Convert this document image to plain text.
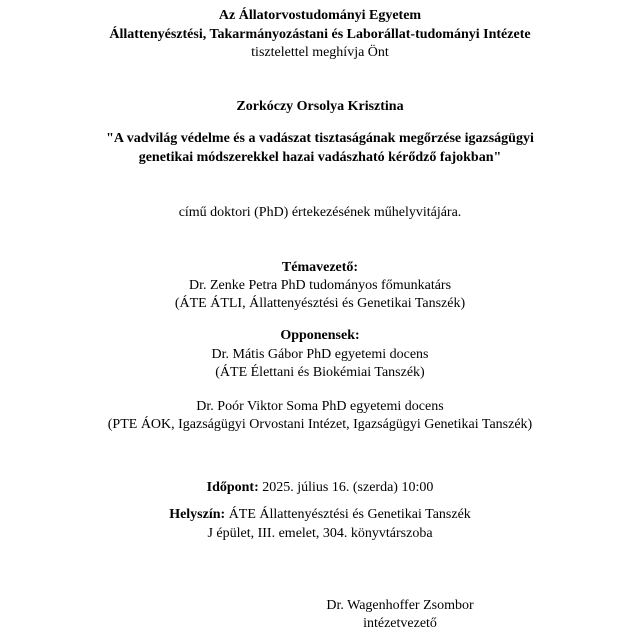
Az Állatorvostudományi Egyetem
Állattenyésztési, Takarmányozástani és Laborállat-tudományi Intézete
tisztelettel meghívja Önt
Zorkóczy Orsolya Krisztina
"A vadvilág védelme és a vadászat tisztaságának megőrzése igazságügyi
genetikai módszerekkel hazai vadászható kérődző fajokban"
című doktori (PhD) értekezésének műhelyvitájára.
Témavezető:
Dr. Zenke Petra PhD tudományos főmunkatárs
(ÁTE ÁTLI, Állattenyésztési és Genetikai Tanszék)
Opponensek:
Dr. Mátis Gábor PhD egyetemi docens
(ÁTE Élettani és Biokémiai Tanszék)
Dr. Poór Viktor Soma PhD egyetemi docens
(PTE ÁOK, Igazságügyi Orvostani Intézet, Igazságügyi Genetikai Tanszék)
Időpont: 2025. július 16. (szerda) 10:00
Helyszín: ÁTE Állattenyésztési és Genetikai Tanszék
J épület, III. emelet, 304. könyvtárszoba
Dr. Wagenhoffer Zsombor
intézetvezető
